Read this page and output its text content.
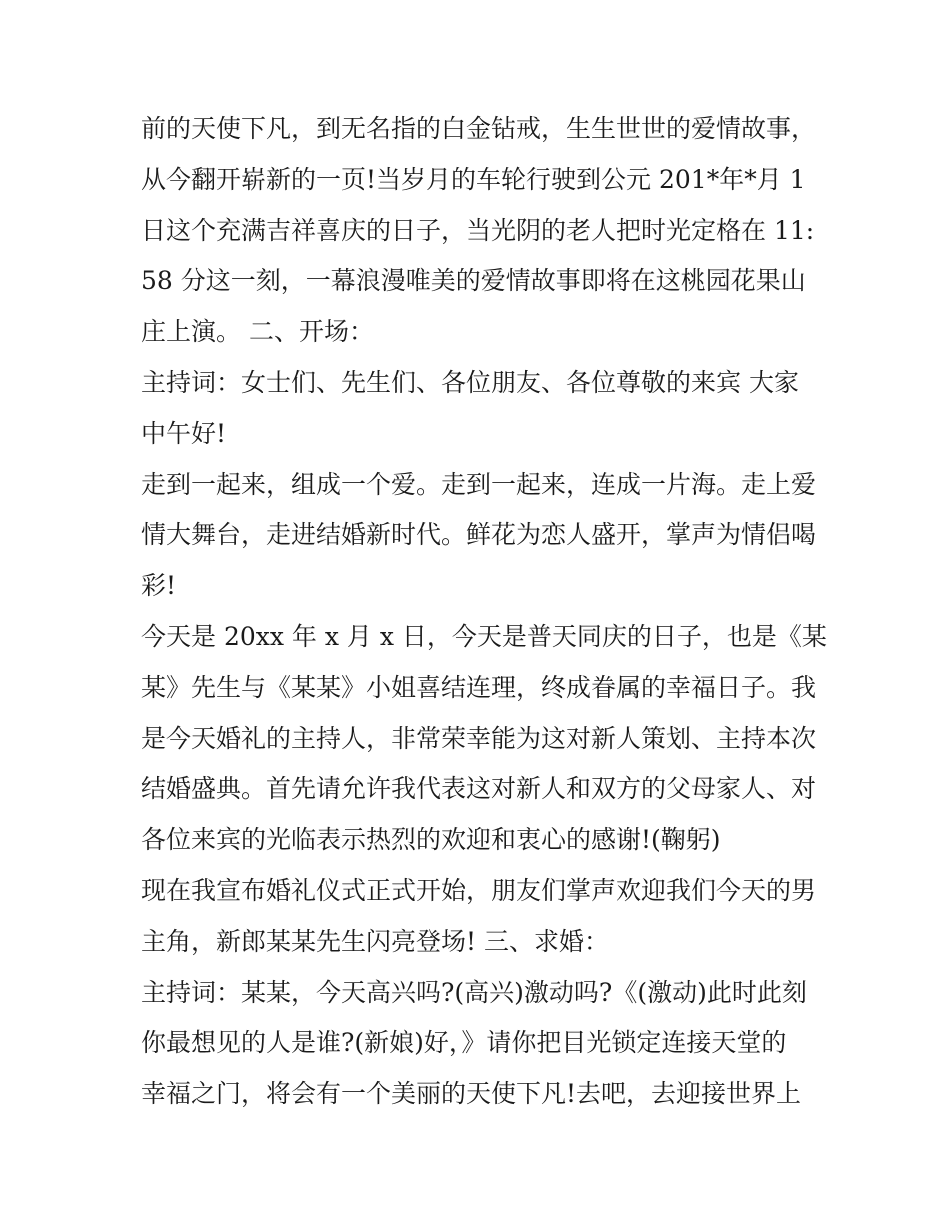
前的天使下凡，到无名指的白金钻戒，生生世世的爱情故事，
从今翻开崭新的一页!当岁月的车轮行驶到公元 201*年*月 1
日这个充满吉祥喜庆的日子，当光阴的老人把时光定格在 11:
58 分这一刻，一幕浪漫唯美的爱情故事即将在这桃园花果山
庄上演。 二、开场：
主持词：女士们、先生们、各位朋友、各位尊敬的来宾 大家
中午好!
走到一起来，组成一个爱。走到一起来，连成一片海。走上爱
情大舞台，走进结婚新时代。鲜花为恋人盛开，掌声为情侣喝
彩!
今天是 20xx 年 x 月 x 日，今天是普天同庆的日子，也是《某
某》先生与《某某》小姐喜结连理，终成眷属的幸福日子。我
是今天婚礼的主持人，非常荣幸能为这对新人策划、主持本次
结婚盛典。首先请允许我代表这对新人和双方的父母家人、对
各位来宾的光临表示热烈的欢迎和衷心的感谢!(鞠躬)
现在我宣布婚礼仪式正式开始，朋友们掌声欢迎我们今天的男
主角，新郎某某先生闪亮登场! 三、求婚：
主持词：某某，今天高兴吗?(高兴)激动吗?《(激动)此时此刻
你最想见的人是谁?(新娘)好，》请你把目光锁定连接天堂的
幸福之门，将会有一个美丽的天使下凡!去吧，去迎接世界上
